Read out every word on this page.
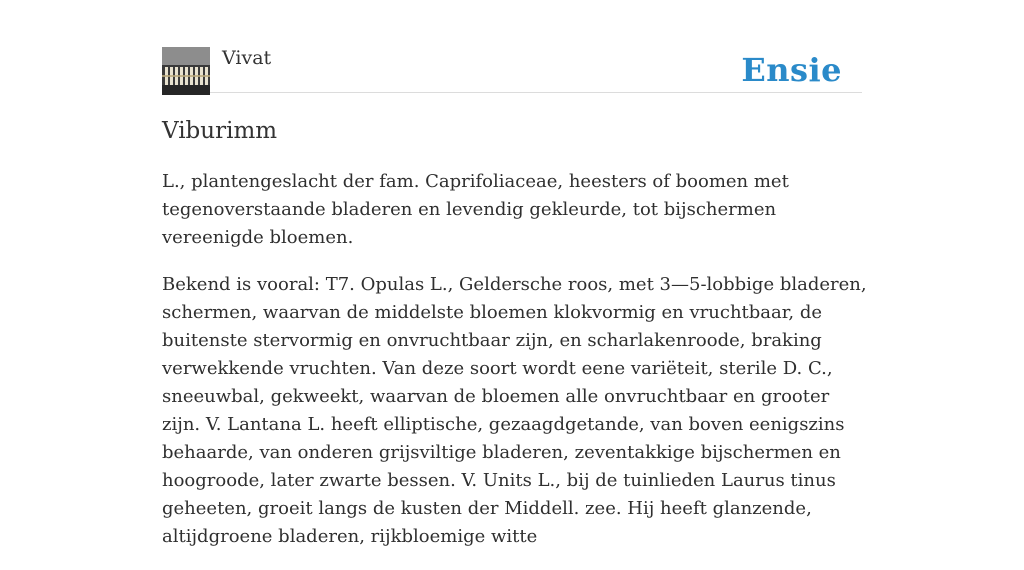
Vivat	Ensie
Viburimm

L., plantengeslacht der fam. Caprifoliaceae, heesters of boomen met tegenoverstaande bladeren en levendig gekleurde, tot bijschermen vereenigde bloemen.

Bekend is vooral: T7. Opulas L., Geldersche roos, met 3—5-lobbige bladeren, schermen, waarvan de middelste bloemen klokvormig en vruchtbaar, de buitenste stervormig en onvruchtbaar zijn, en scharlakenroode, braking verwekkende vruchten. Van deze soort wordt eene variëteit, sterile D. C., sneeuwbal, gekweekt, waarvan de bloemen alle onvruchtbaar en grooter zijn. V. Lantana L. heeft elliptische, gezaagdgetande, van boven eenigszins behaarde, van onderen grijsviltige bladeren, zeventakkige bijschermen en hoogroode, later zwarte bessen. V. Units L., bij de tuinlieden Laurus tinus geheeten, groeit langs de kusten der Middell. zee. Hij heeft glanzende, altijdgroene bladeren, rijkbloemige witte
